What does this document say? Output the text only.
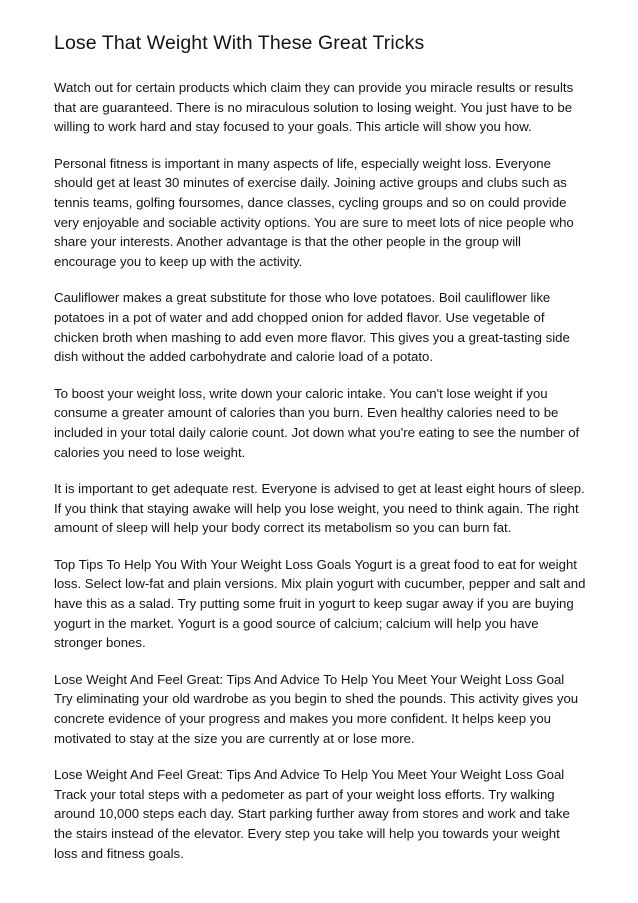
Lose That Weight With These Great Tricks

Watch out for certain products which claim they can provide you miracle results or results that are guaranteed. There is no miraculous solution to losing weight. You just have to be willing to work hard and stay focused to your goals. This article will show you how.

Personal fitness is important in many aspects of life, especially weight loss. Everyone should get at least 30 minutes of exercise daily. Joining active groups and clubs such as tennis teams, golfing foursomes, dance classes, cycling groups and so on could provide very enjoyable and sociable activity options. You are sure to meet lots of nice people who share your interests. Another advantage is that the other people in the group will encourage you to keep up with the activity.

Cauliflower makes a great substitute for those who love potatoes. Boil cauliflower like potatoes in a pot of water and add chopped onion for added flavor. Use vegetable of chicken broth when mashing to add even more flavor. This gives you a great-tasting side dish without the added carbohydrate and calorie load of a potato.

To boost your weight loss, write down your caloric intake. You can't lose weight if you consume a greater amount of calories than you burn. Even healthy calories need to be included in your total daily calorie count. Jot down what you're eating to see the number of calories you need to lose weight.

It is important to get adequate rest. Everyone is advised to get at least eight hours of sleep. If you think that staying awake will help you lose weight, you need to think again. The right amount of sleep will help your body correct its metabolism so you can burn fat.

Top Tips To Help You With Your Weight Loss Goals Yogurt is a great food to eat for weight loss. Select low-fat and plain versions. Mix plain yogurt with cucumber, pepper and salt and have this as a salad. Try putting some fruit in yogurt to keep sugar away if you are buying yogurt in the market. Yogurt is a good source of calcium; calcium will help you have stronger bones.

Lose Weight And Feel Great: Tips And Advice To Help You Meet Your Weight Loss Goal Try eliminating your old wardrobe as you begin to shed the pounds. This activity gives you concrete evidence of your progress and makes you more confident. It helps keep you motivated to stay at the size you are currently at or lose more.

Lose Weight And Feel Great: Tips And Advice To Help You Meet Your Weight Loss Goal Track your total steps with a pedometer as part of your weight loss efforts. Try walking around 10,000 steps each day. Start parking further away from stores and work and take the stairs instead of the elevator. Every step you take will help you towards your weight loss and fitness goals.
